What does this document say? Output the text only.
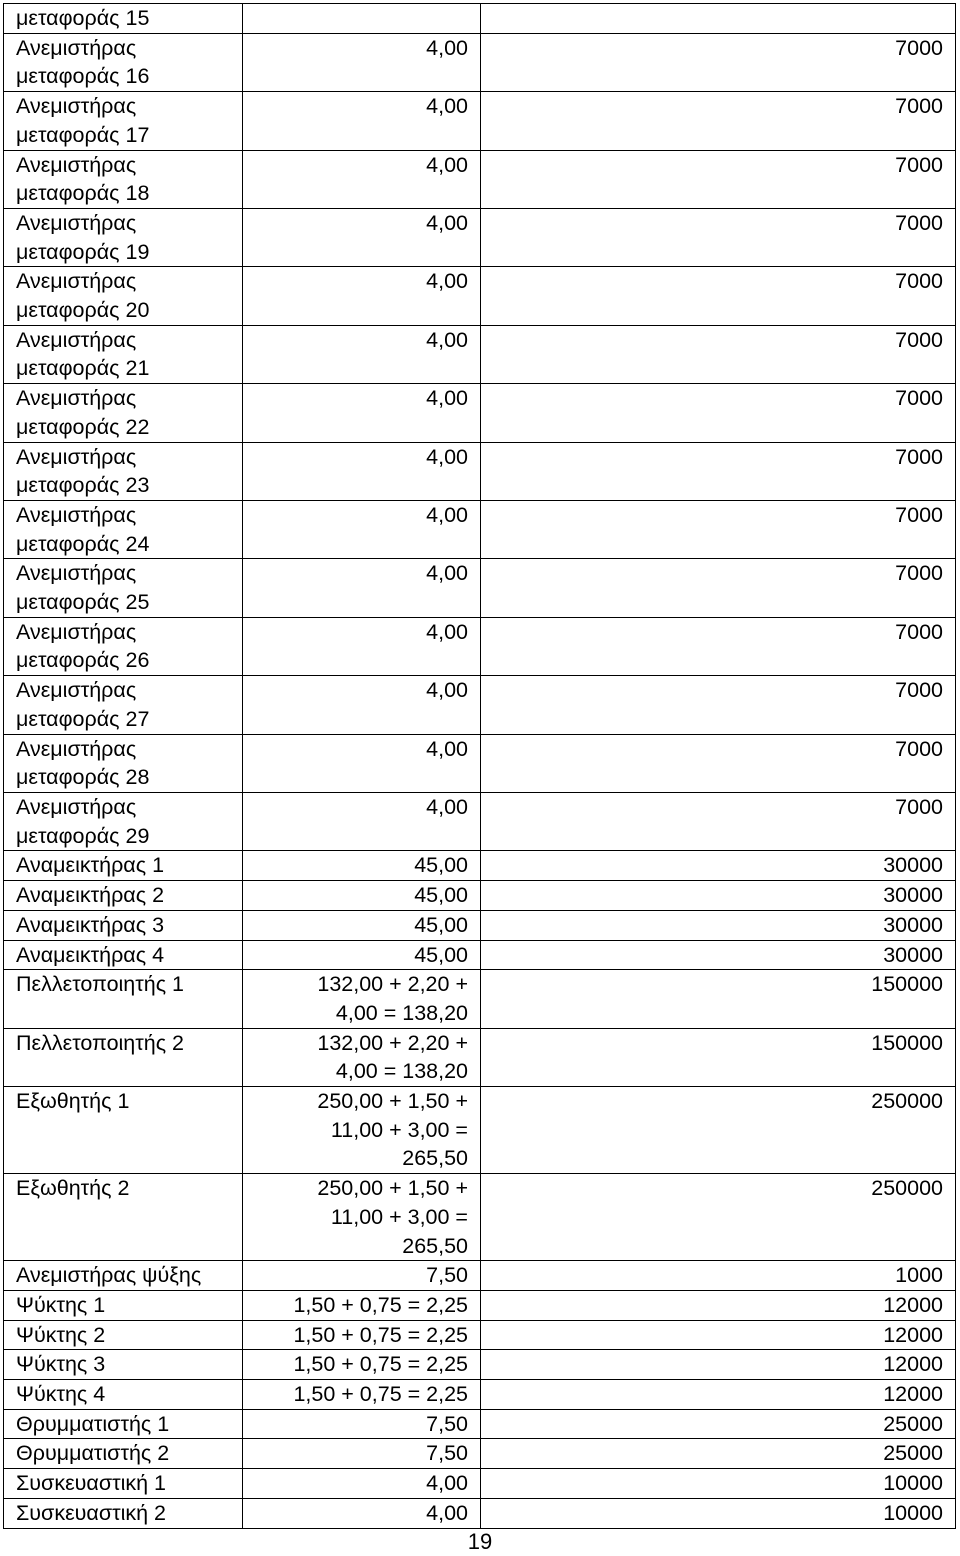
μεταφοράς 15		
Ανεμιστήρας
μεταφοράς 16	4,00	7000
Ανεμιστήρας
μεταφοράς 17	4,00	7000
Ανεμιστήρας
μεταφοράς 18	4,00	7000
Ανεμιστήρας
μεταφοράς 19	4,00	7000
Ανεμιστήρας
μεταφοράς 20	4,00	7000
Ανεμιστήρας
μεταφοράς 21	4,00	7000
Ανεμιστήρας
μεταφοράς 22	4,00	7000
Ανεμιστήρας
μεταφοράς 23	4,00	7000
Ανεμιστήρας
μεταφοράς 24	4,00	7000
Ανεμιστήρας
μεταφοράς 25	4,00	7000
Ανεμιστήρας
μεταφοράς 26	4,00	7000
Ανεμιστήρας
μεταφοράς 27	4,00	7000
Ανεμιστήρας
μεταφοράς 28	4,00	7000
Ανεμιστήρας
μεταφοράς 29	4,00	7000
Αναμεικτήρας 1	45,00	30000
Αναμεικτήρας 2	45,00	30000
Αναμεικτήρας 3	45,00	30000
Αναμεικτήρας 4	45,00	30000
Πελλετοποιητής 1	132,00 + 2,20 +
4,00 = 138,20	150000
Πελλετοποιητής 2	132,00 + 2,20 +
4,00 = 138,20	150000
Εξωθητής 1	250,00 + 1,50 +
11,00 + 3,00 =
265,50	250000
Εξωθητής 2	250,00 + 1,50 +
11,00 + 3,00 =
265,50	250000
Ανεμιστήρας ψύξης	7,50	1000
Ψύκτης 1	1,50 + 0,75 = 2,25	12000
Ψύκτης 2	1,50 + 0,75 = 2,25	12000
Ψύκτης 3	1,50 + 0,75 = 2,25	12000
Ψύκτης 4	1,50 + 0,75 = 2,25	12000
Θρυμματιστής 1	7,50	25000
Θρυμματιστής 2	7,50	25000
Συσκευαστική 1	4,00	10000
Συσκευαστική 2	4,00	10000
19
